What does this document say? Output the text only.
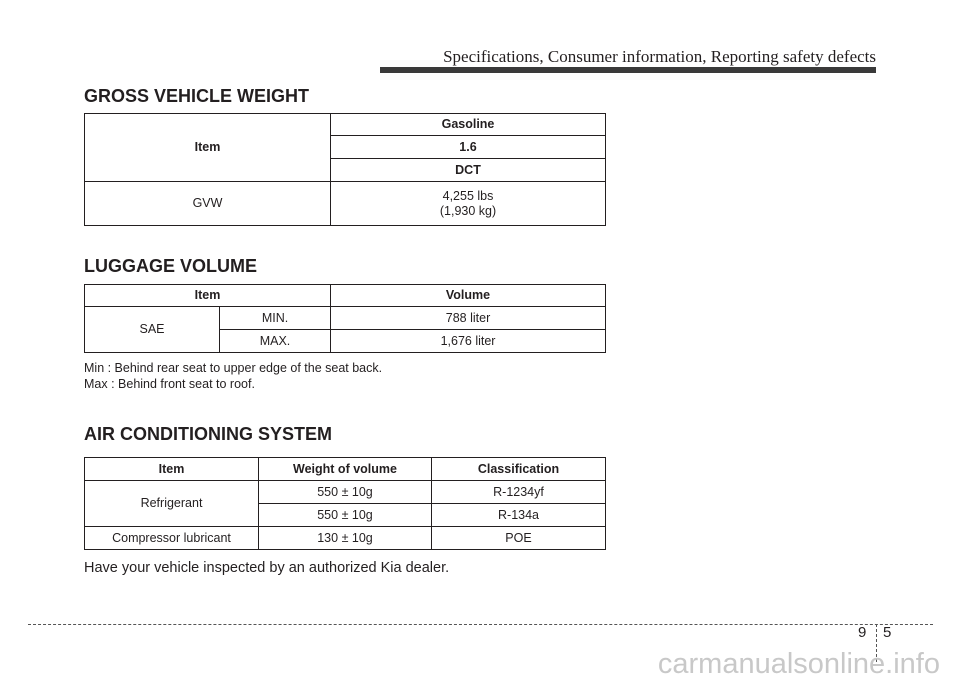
Specifications, Consumer information, Reporting safety defects
GROSS VEHICLE WEIGHT
Item	Gasoline
	1.6
	DCT
GVW	4,255 lbs
(1,930 kg)
LUGGAGE VOLUME
Item		Volume
SAE	MIN.	788 liter
	MAX.	1,676 liter
Min : Behind rear seat to upper edge of the seat back.
Max : Behind front seat to roof.
AIR CONDITIONING SYSTEM
Item	Weight of volume	Classification
Refrigerant	550 ± 10g	R-1234yf
	550 ± 10g	R-134a
Compressor lubricant	130 ± 10g	POE
Have your vehicle inspected by an authorized Kia dealer.
9 5
carmanualsonline.info
